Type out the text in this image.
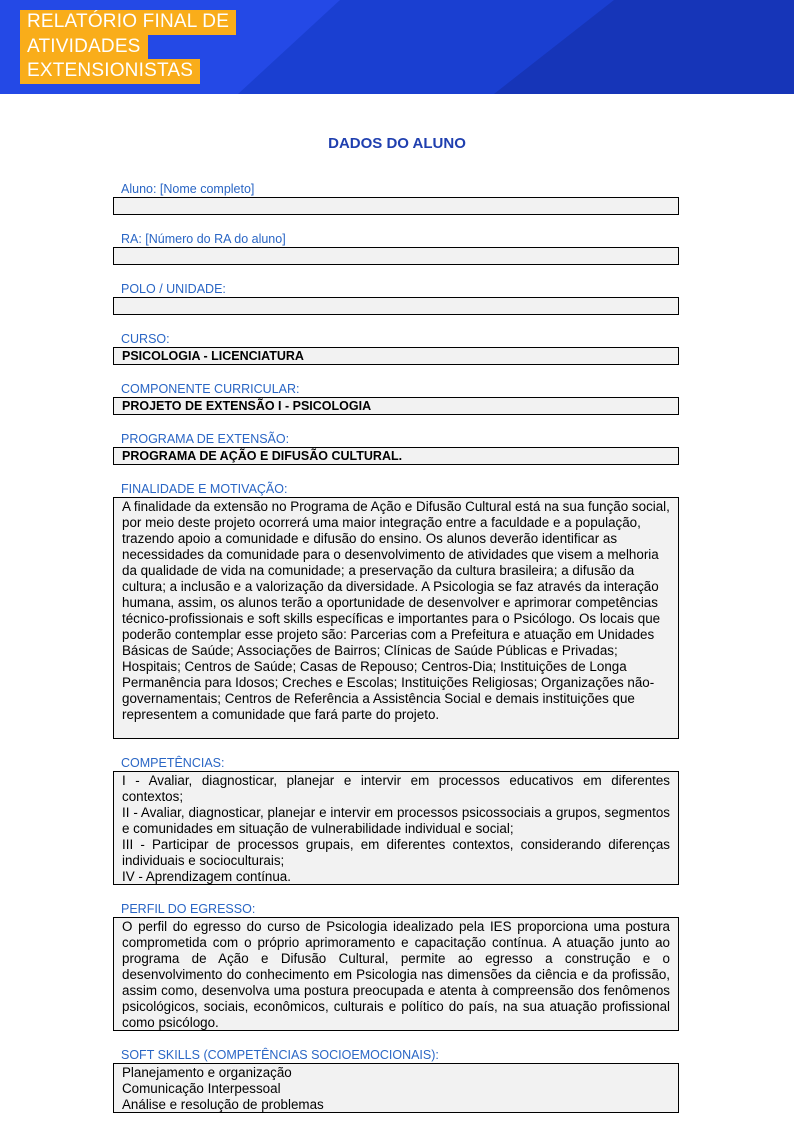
RELATÓRIO FINAL DE
ATIVIDADES
EXTENSIONISTAS
DADOS DO ALUNO
Aluno: [Nome completo]
RA: [Número do RA do aluno]
POLO / UNIDADE:
CURSO:
PSICOLOGIA - LICENCIATURA
COMPONENTE CURRICULAR:
PROJETO DE EXTENSÃO I - PSICOLOGIA
PROGRAMA DE EXTENSÃO:
PROGRAMA DE AÇÃO E DIFUSÃO CULTURAL.
FINALIDADE E MOTIVAÇÃO:
A finalidade da extensão no Programa de Ação e Difusão Cultural está na sua função social, por meio deste projeto ocorrerá uma maior integração entre a faculdade e a população, trazendo apoio a comunidade e difusão do ensino. Os alunos deverão identificar as necessidades da comunidade para o desenvolvimento de atividades que visem a melhoria da qualidade de vida na comunidade; a preservação da cultura brasileira; a difusão da cultura; a inclusão e a valorização da diversidade. A Psicologia se faz através da interação humana, assim, os alunos terão a oportunidade de desenvolver e aprimorar competências técnico-profissionais e soft skills específicas e importantes para o Psicólogo. Os locais que poderão contemplar esse projeto são: Parcerias com a Prefeitura e atuação em Unidades Básicas de Saúde; Associações de Bairros; Clínicas de Saúde Públicas e Privadas; Hospitais; Centros de Saúde; Casas de Repouso; Centros-Dia; Instituições de Longa Permanência para Idosos; Creches e Escolas; Instituições Religiosas; Organizações não-governamentais; Centros de Referência a Assistência Social e demais instituições que representem a comunidade que fará parte do projeto.
COMPETÊNCIAS:
I - Avaliar, diagnosticar, planejar e intervir em processos educativos em diferentes contextos;
II - Avaliar, diagnosticar, planejar e intervir em processos psicossociais a grupos, segmentos e comunidades em situação de vulnerabilidade individual e social;
III - Participar de processos grupais, em diferentes contextos, considerando diferenças individuais e socioculturais;
IV - Aprendizagem contínua.
PERFIL DO EGRESSO:
O perfil do egresso do curso de Psicologia idealizado pela IES proporciona uma postura comprometida com o próprio aprimoramento e capacitação contínua. A atuação junto ao programa de Ação e Difusão Cultural, permite ao egresso a construção e o desenvolvimento do conhecimento em Psicologia nas dimensões da ciência e da profissão, assim como, desenvolva uma postura preocupada e atenta à compreensão dos fenômenos psicológicos, sociais, econômicos, culturais e político do país, na sua atuação profissional como psicólogo.
SOFT SKILLS (COMPETÊNCIAS SOCIOEMOCIONAIS):
Planejamento e organização
Comunicação Interpessoal
Análise e resolução de problemas
